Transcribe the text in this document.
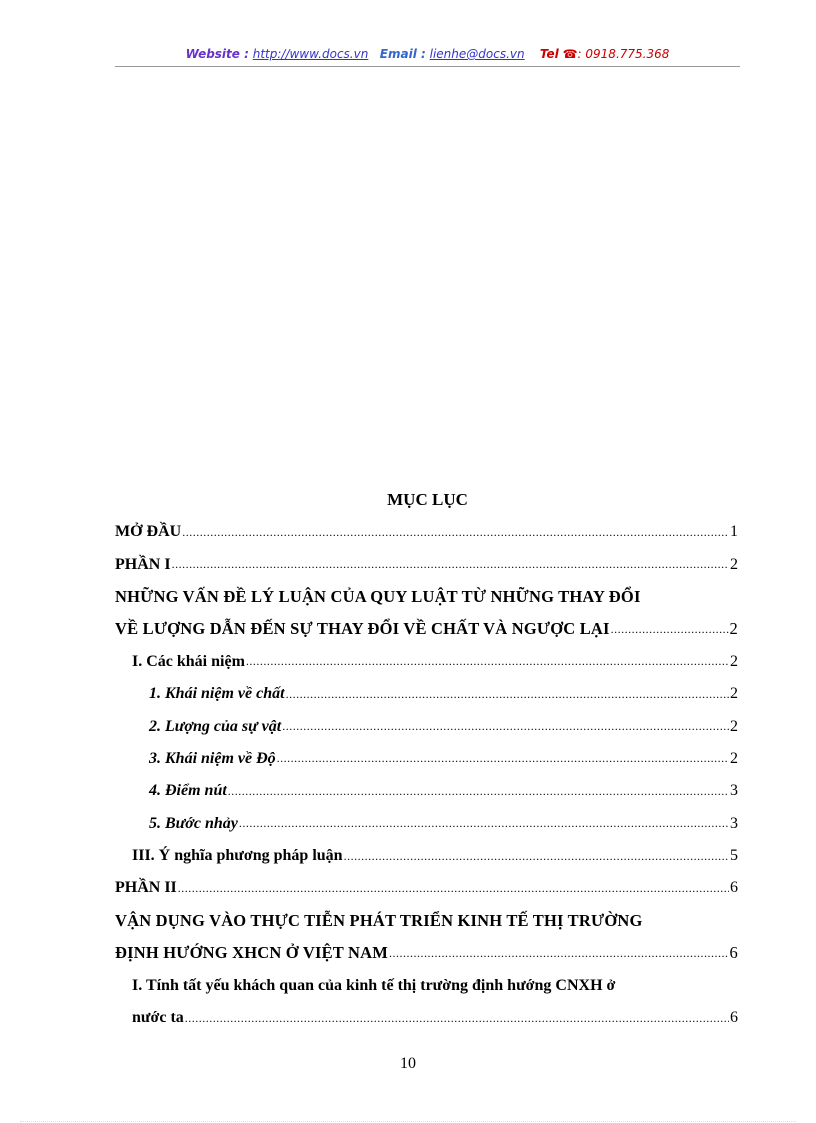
Website : http://www.docs.vn Email : lienhe@docs.vn Tel ☎: 0918.775.368
MỤC LỤC
MỞ ĐẦU .....	1
PHẦN I .....	2
NHỮNG VẤN ĐỀ LÝ LUẬN CỦA QUY LUẬT TỪ NHỮNG THAY ĐỔI
VỀ LƯỢNG DẪN ĐẾN SỰ THAY ĐỔI VỀ CHẤT VÀ NGƯỢC LẠI .....	2
I. Các khái niệm .....	2
1. Khái niệm về chất .....	2
2. Lượng của sự vật .....	2
3. Khái niệm về Độ .....	2
4. Điểm nút .....	3
5. Bước nhảy .....	3
III. Ý nghĩa phương pháp luận .....	5
PHẦN II .....	6
VẬN DỤNG VÀO THỰC TIỄN PHÁT TRIỂN KINH TẾ THỊ TRƯỜNG
ĐỊNH HƯỚNG XHCN Ở VIỆT NAM .....	6
I. Tính tất yếu khách quan của kinh tế thị trường định hướng CNXH ở
nước ta .....	6
10
